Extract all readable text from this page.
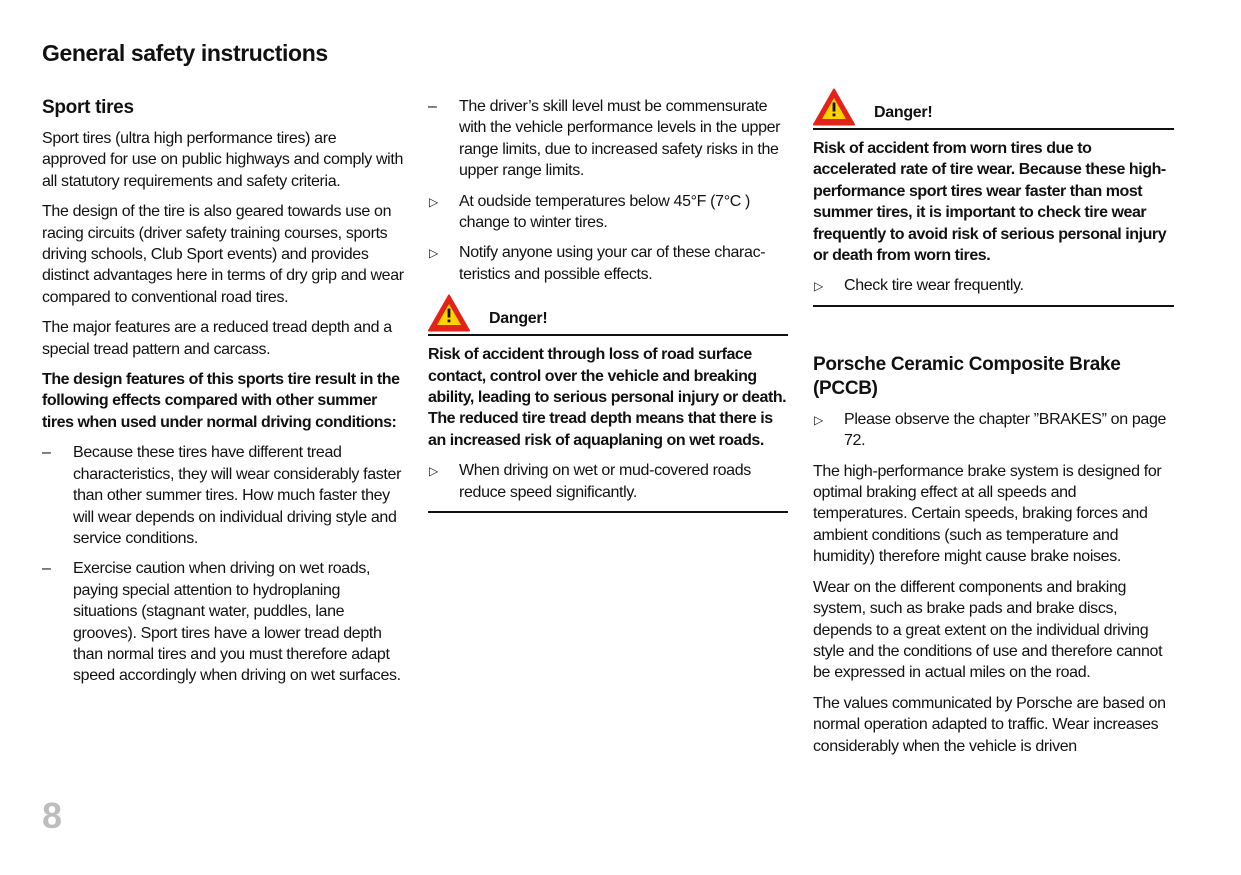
General safety instructions
Sport tires

Sport tires (ultra high performance tires) are approved for use on public highways and comply with all statutory requirements and safety criteria.

The design of the tire is also geared towards use on racing circuits (driver safety training courses, sports driving schools, Club Sport events) and provides distinct advantages here in terms of dry grip and wear compared to conventional road tires.

The major features are a reduced tread depth and a special tread pattern and carcass.

The design features of this sports tire result in the following effects compared with other summer tires when used under normal driving conditions:

– Because these tires have different tread characteristics, they will wear considerably faster than other summer tires. How much faster they will wear depends on individual driving style and service conditions.
– Exercise caution when driving on wet roads, paying special attention to hydroplaning situations (stagnant water, puddles, lane grooves). Sport tires have a lower tread depth than normal tires and you must therefore adapt speed accordingly when driving on wet surfaces.
– The driver’s skill level must be commensurate with the vehicle performance levels in the upper range limits, due to increased safety risks in the upper range limits.
▷ At oudside temperatures below 45°F (7°C ) change to winter tires.
▷ Notify anyone using your car of these charac-teristics and possible effects.
Danger!

Risk of accident through loss of road surface contact, control over the vehicle and breaking ability, leading to serious personal injury or death. The reduced tire tread depth means that there is an increased risk of aquaplaning on wet roads.

▷ When driving on wet or mud-covered roads reduce speed significantly.
Danger!

Risk of accident from worn tires due to accelerated rate of tire wear. Because these high-performance sport tires wear faster than most summer tires, it is important to check tire wear frequently to avoid risk of serious personal injury or death from worn tires.

▷ Check tire wear frequently.
Porsche Ceramic Composite Brake (PCCB)
▷ Please observe the chapter ”BRAKES” on page 72.

The high-performance brake system is designed for optimal braking effect at all speeds and temperatures. Certain speeds, braking forces and ambient conditions (such as temperature and humidity) therefore might cause brake noises.

Wear on the different components and braking system, such as brake pads and brake discs, depends to a great extent on the individual driving style and the conditions of use and therefore cannot be expressed in actual miles on the road.

The values communicated by Porsche are based on normal operation adapted to traffic. Wear increases considerably when the vehicle is driven

8
